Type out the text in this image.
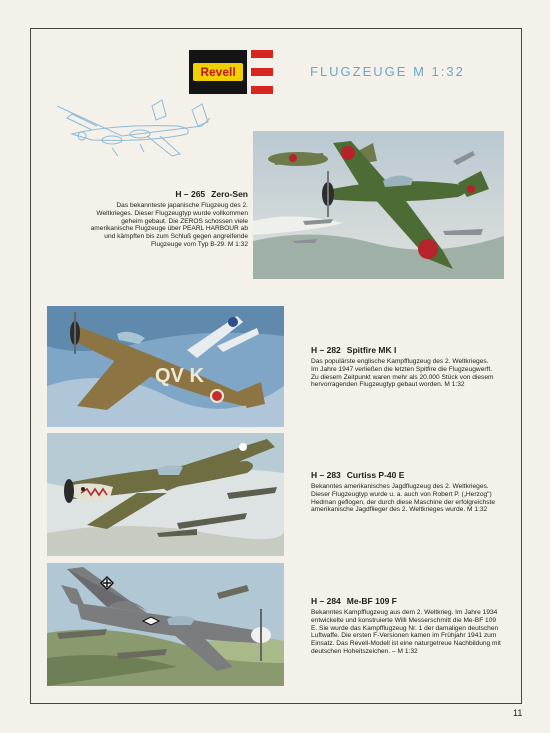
Revell	FLUGZEUGE M 1:32
H – 265 Zero-Sen
Das bekannteste japanische Flugzeug des 2. Weltkrieges. Dieser Flugzeugtyp wurde vollkommen geheim gebaut. Die ZEROS schossen viele amerikanische Flugzeuge über PEARL HARBOUR ab und kämpften bis zum Schluß gegen angreifende Flugzeuge vom Typ B-29. M 1:32
QV K
H – 282 Spitfire MK I
Das populärste englische Kampfflugzeug des 2. Weltkrieges. Im Jahre 1947 verließen die letzten Spitfire die Flugzeugwerft. Zu diesem Zeitpunkt waren mehr als 20.000 Stück von diesem hervorragenden Flugzeugtyp gebaut worden. M 1:32
H – 283 Curtiss P-40 E
Bekanntes amerikanisches Jagdflugzeug des 2. Weltkrieges. Dieser Flugzeugtyp wurde u. a. auch von Robert P. („Herzog") Hedman geflogen, der durch diese Maschine der erfolgreichste amerikanische Jagdflieger des 2. Weltkrieges wurde. M 1:32
H – 284 Me-BF 109 F
Bekanntes Kampfflugzeug aus dem 2. Weltkrieg. Im Jahre 1934 entwickelte und konstruierte Willi Messerschmitt die Me-BF 109 E. Sie wurde das Kampfflugzeug Nr. 1 der damaligen deutschen Luftwaffe. Die ersten F-Versionen kamen im Frühjahr 1941 zum Einsatz. Das Revell-Modell ist eine naturgetreue Nachbildung mit deutschen Hoheitszeichen. – M 1:32
11
